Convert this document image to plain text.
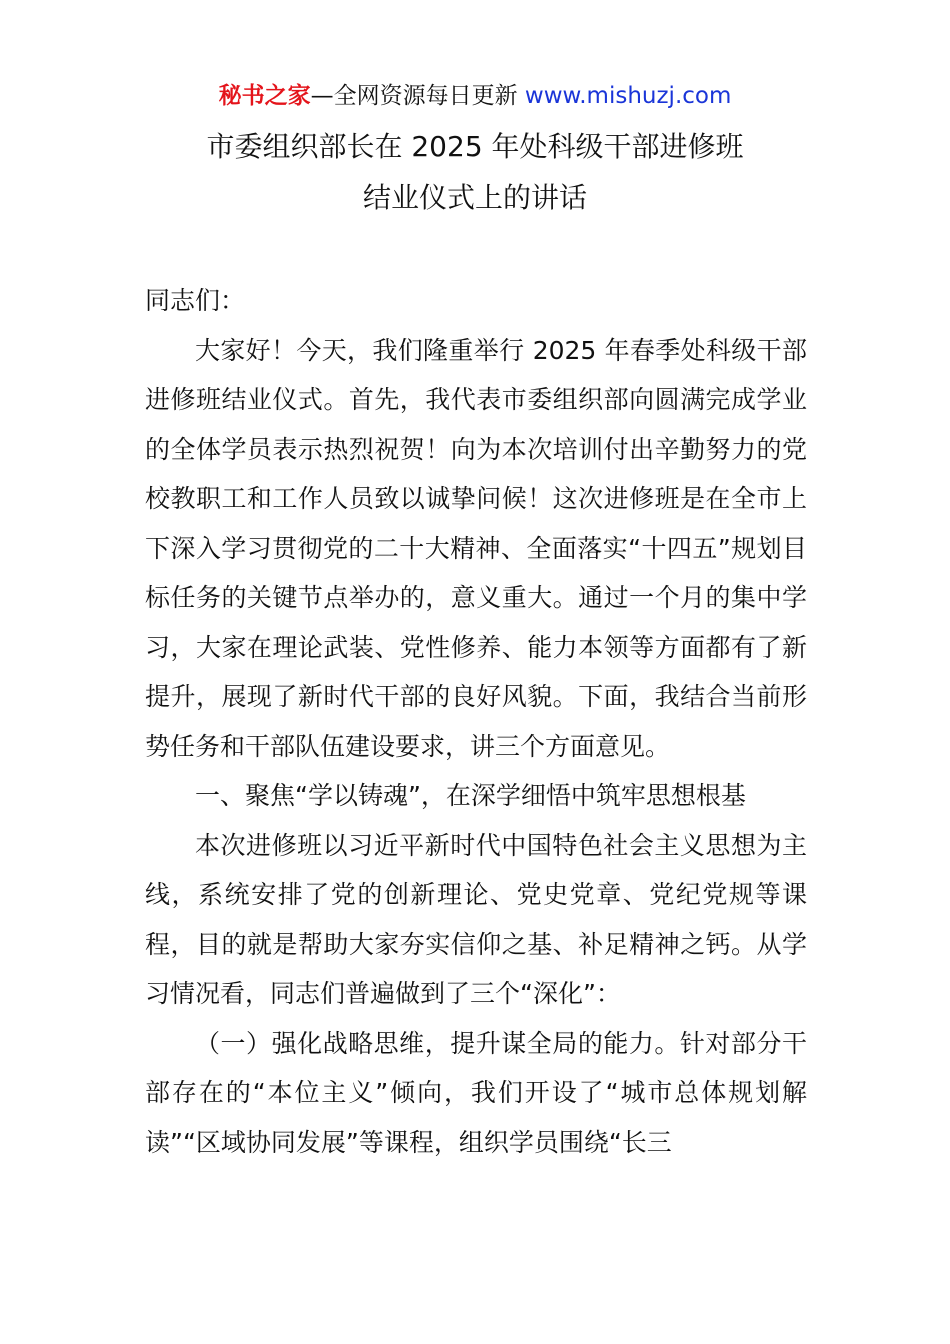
秘书之家—全网资源每日更新 www.mishuzj.com
市委组织部长在 2025 年处科级干部进修班
结业仪式上的讲话

同志们：

大家好！今天，我们隆重举行 2025 年春季处科级干部进修班结业仪式。首先，我代表市委组织部向圆满完成学业的全体学员表示热烈祝贺！向为本次培训付出辛勤努力的党校教职工和工作人员致以诚挚问候！这次进修班是在全市上下深入学习贯彻党的二十大精神、全面落实“十四五”规划目标任务的关键节点举办的，意义重大。通过一个月的集中学习，大家在理论武装、党性修养、能力本领等方面都有了新提升，展现了新时代干部的良好风貌。下面，我结合当前形势任务和干部队伍建设要求，讲三个方面意见。

一、聚焦“学以铸魂”，在深学细悟中筑牢思想根基

本次进修班以习近平新时代中国特色社会主义思想为主线，系统安排了党的创新理论、党史党章、党纪党规等课程，目的就是帮助大家夯实信仰之基、补足精神之钙。从学习情况看，同志们普遍做到了三个“深化”：

（一）强化战略思维，提升谋全局的能力。针对部分干部存在的“本位主义”倾向，我们开设了“城市总体规划解读”“区域协同发展”等课程，组织学员围绕“长三
